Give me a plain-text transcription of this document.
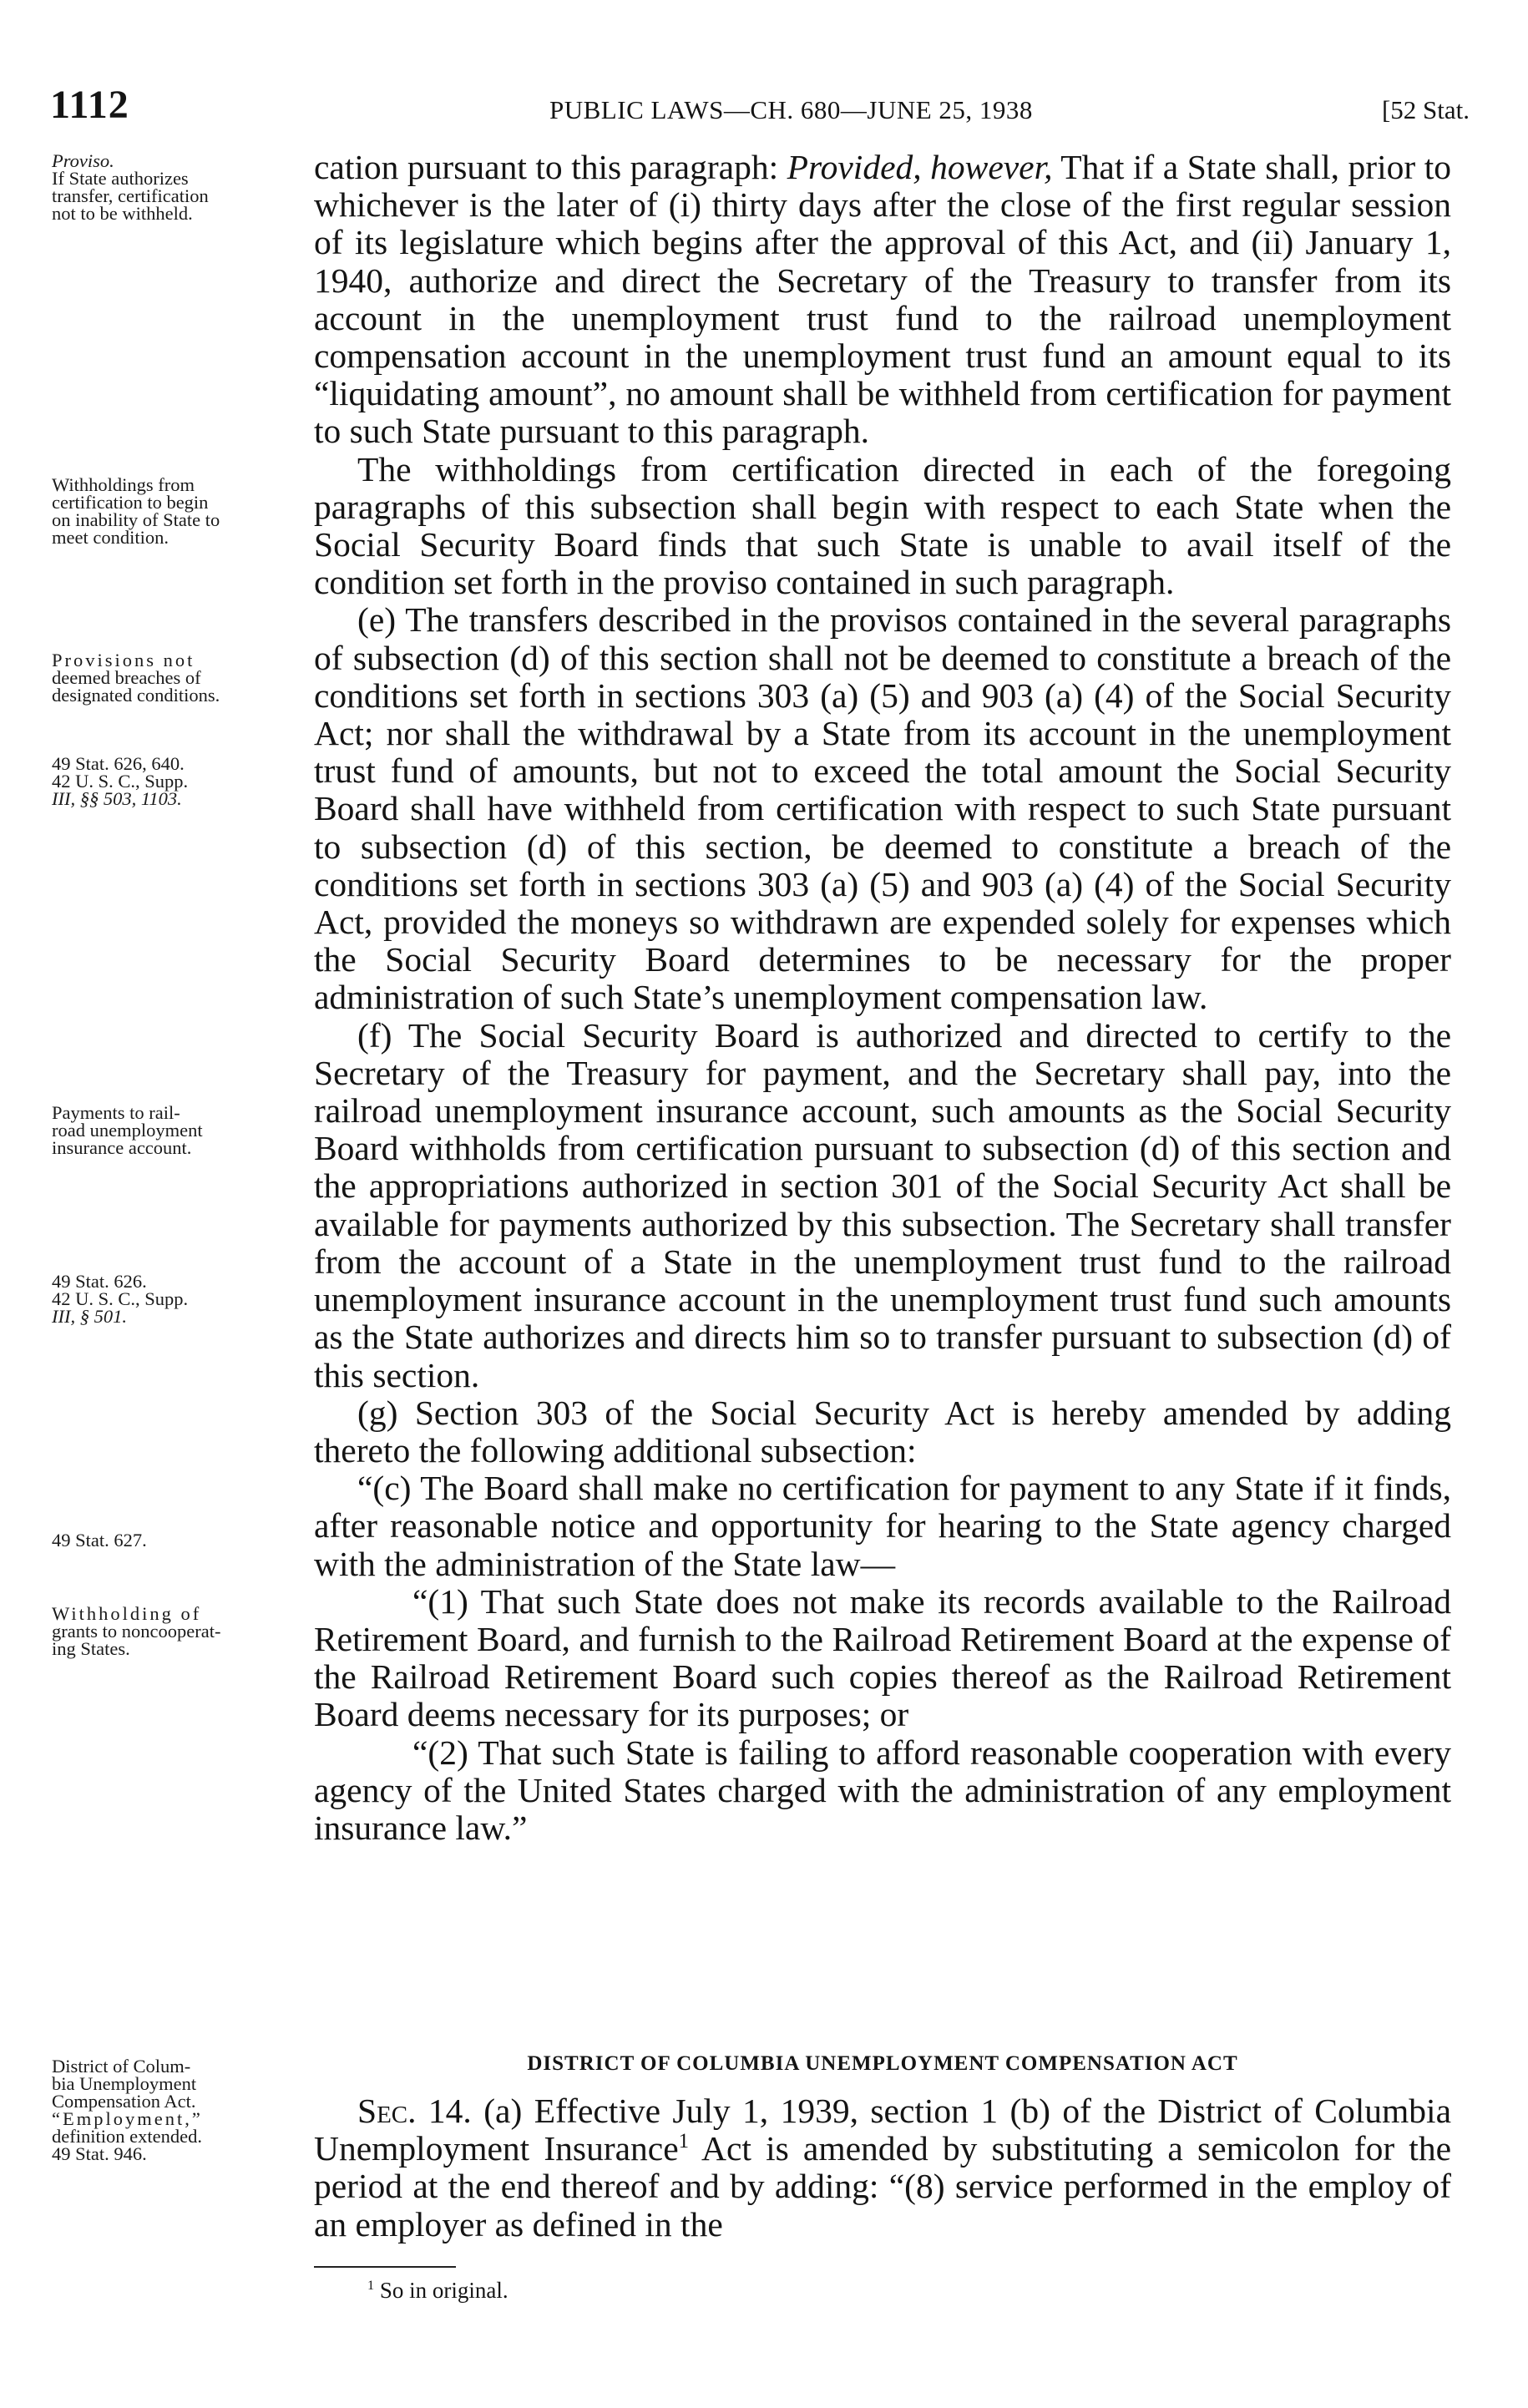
1112	PUBLIC LAWS—CH. 680—JUNE 25, 1938	[52 Stat.
Proviso.
If State authorizes
transfer, certification
not to be withheld.
Withholdings from
certification to begin
on inability of State to
meet condition.
Provisions not
deemed breaches of
designated conditions.
49 Stat. 626, 640.
42 U. S. C., Supp.
III, §§ 503, 1103.
Payments to rail-
road unemployment
insurance account.
49 Stat. 626.
42 U. S. C., Supp.
III, § 501.
49 Stat. 627.
Withholding of
grants to noncooperat-
ing States.
District of Colum-
bia Unemployment
Compensation Act.
“Employment,”
definition extended.
49 Stat. 946.

cation pursuant to this paragraph: Provided, however, That if a State shall, prior to whichever is the later of (i) thirty days after the close of the first regular session of its legislature which begins after the approval of this Act, and (ii) January 1, 1940, authorize and direct the Secretary of the Treasury to transfer from its account in the unemployment trust fund to the railroad unemployment compensation account in the unemployment trust fund an amount equal to its “liquidating amount”, no amount shall be withheld from certification for payment to such State pursuant to this paragraph.

The withholdings from certification directed in each of the foregoing paragraphs of this subsection shall begin with respect to each State when the Social Security Board finds that such State is unable to avail itself of the condition set forth in the proviso contained in such paragraph.

(e) The transfers described in the provisos contained in the several paragraphs of subsection (d) of this section shall not be deemed to constitute a breach of the conditions set forth in sections 303 (a) (5) and 903 (a) (4) of the Social Security Act; nor shall the withdrawal by a State from its account in the unemployment trust fund of amounts, but not to exceed the total amount the Social Security Board shall have withheld from certification with respect to such State pursuant to subsection (d) of this section, be deemed to constitute a breach of the conditions set forth in sections 303 (a) (5) and 903 (a) (4) of the Social Security Act, provided the moneys so withdrawn are expended solely for expenses which the Social Security Board determines to be necessary for the proper administration of such State’s unemployment compensation law.

(f) The Social Security Board is authorized and directed to certify to the Secretary of the Treasury for payment, and the Secretary shall pay, into the railroad unemployment insurance account, such amounts as the Social Security Board withholds from certification pursuant to subsection (d) of this section and the appropriations authorized in section 301 of the Social Security Act shall be available for payments authorized by this subsection. The Secretary shall transfer from the account of a State in the unemployment trust fund to the railroad unemployment insurance account in the unemployment trust fund such amounts as the State authorizes and directs him so to transfer pursuant to subsection (d) of this section.

(g) Section 303 of the Social Security Act is hereby amended by adding thereto the following additional subsection:

“(c) The Board shall make no certification for payment to any State if it finds, after reasonable notice and opportunity for hearing to the State agency charged with the administration of the State law—

“(1) That such State does not make its records available to the Railroad Retirement Board, and furnish to the Railroad Retirement Board at the expense of the Railroad Retirement Board such copies thereof as the Railroad Retirement Board deems necessary for its purposes; or

“(2) That such State is failing to afford reasonable cooperation with every agency of the United States charged with the administration of any employment insurance law.”

DISTRICT OF COLUMBIA UNEMPLOYMENT COMPENSATION ACT

Sec. 14. (a) Effective July 1, 1939, section 1 (b) of the District of Columbia Unemployment Insurance$^1$ Act is amended by substituting a semicolon for the period at the end thereof and by adding: “(8) service performed in the employ of an employer as defined in the

$^1$ So in original.
